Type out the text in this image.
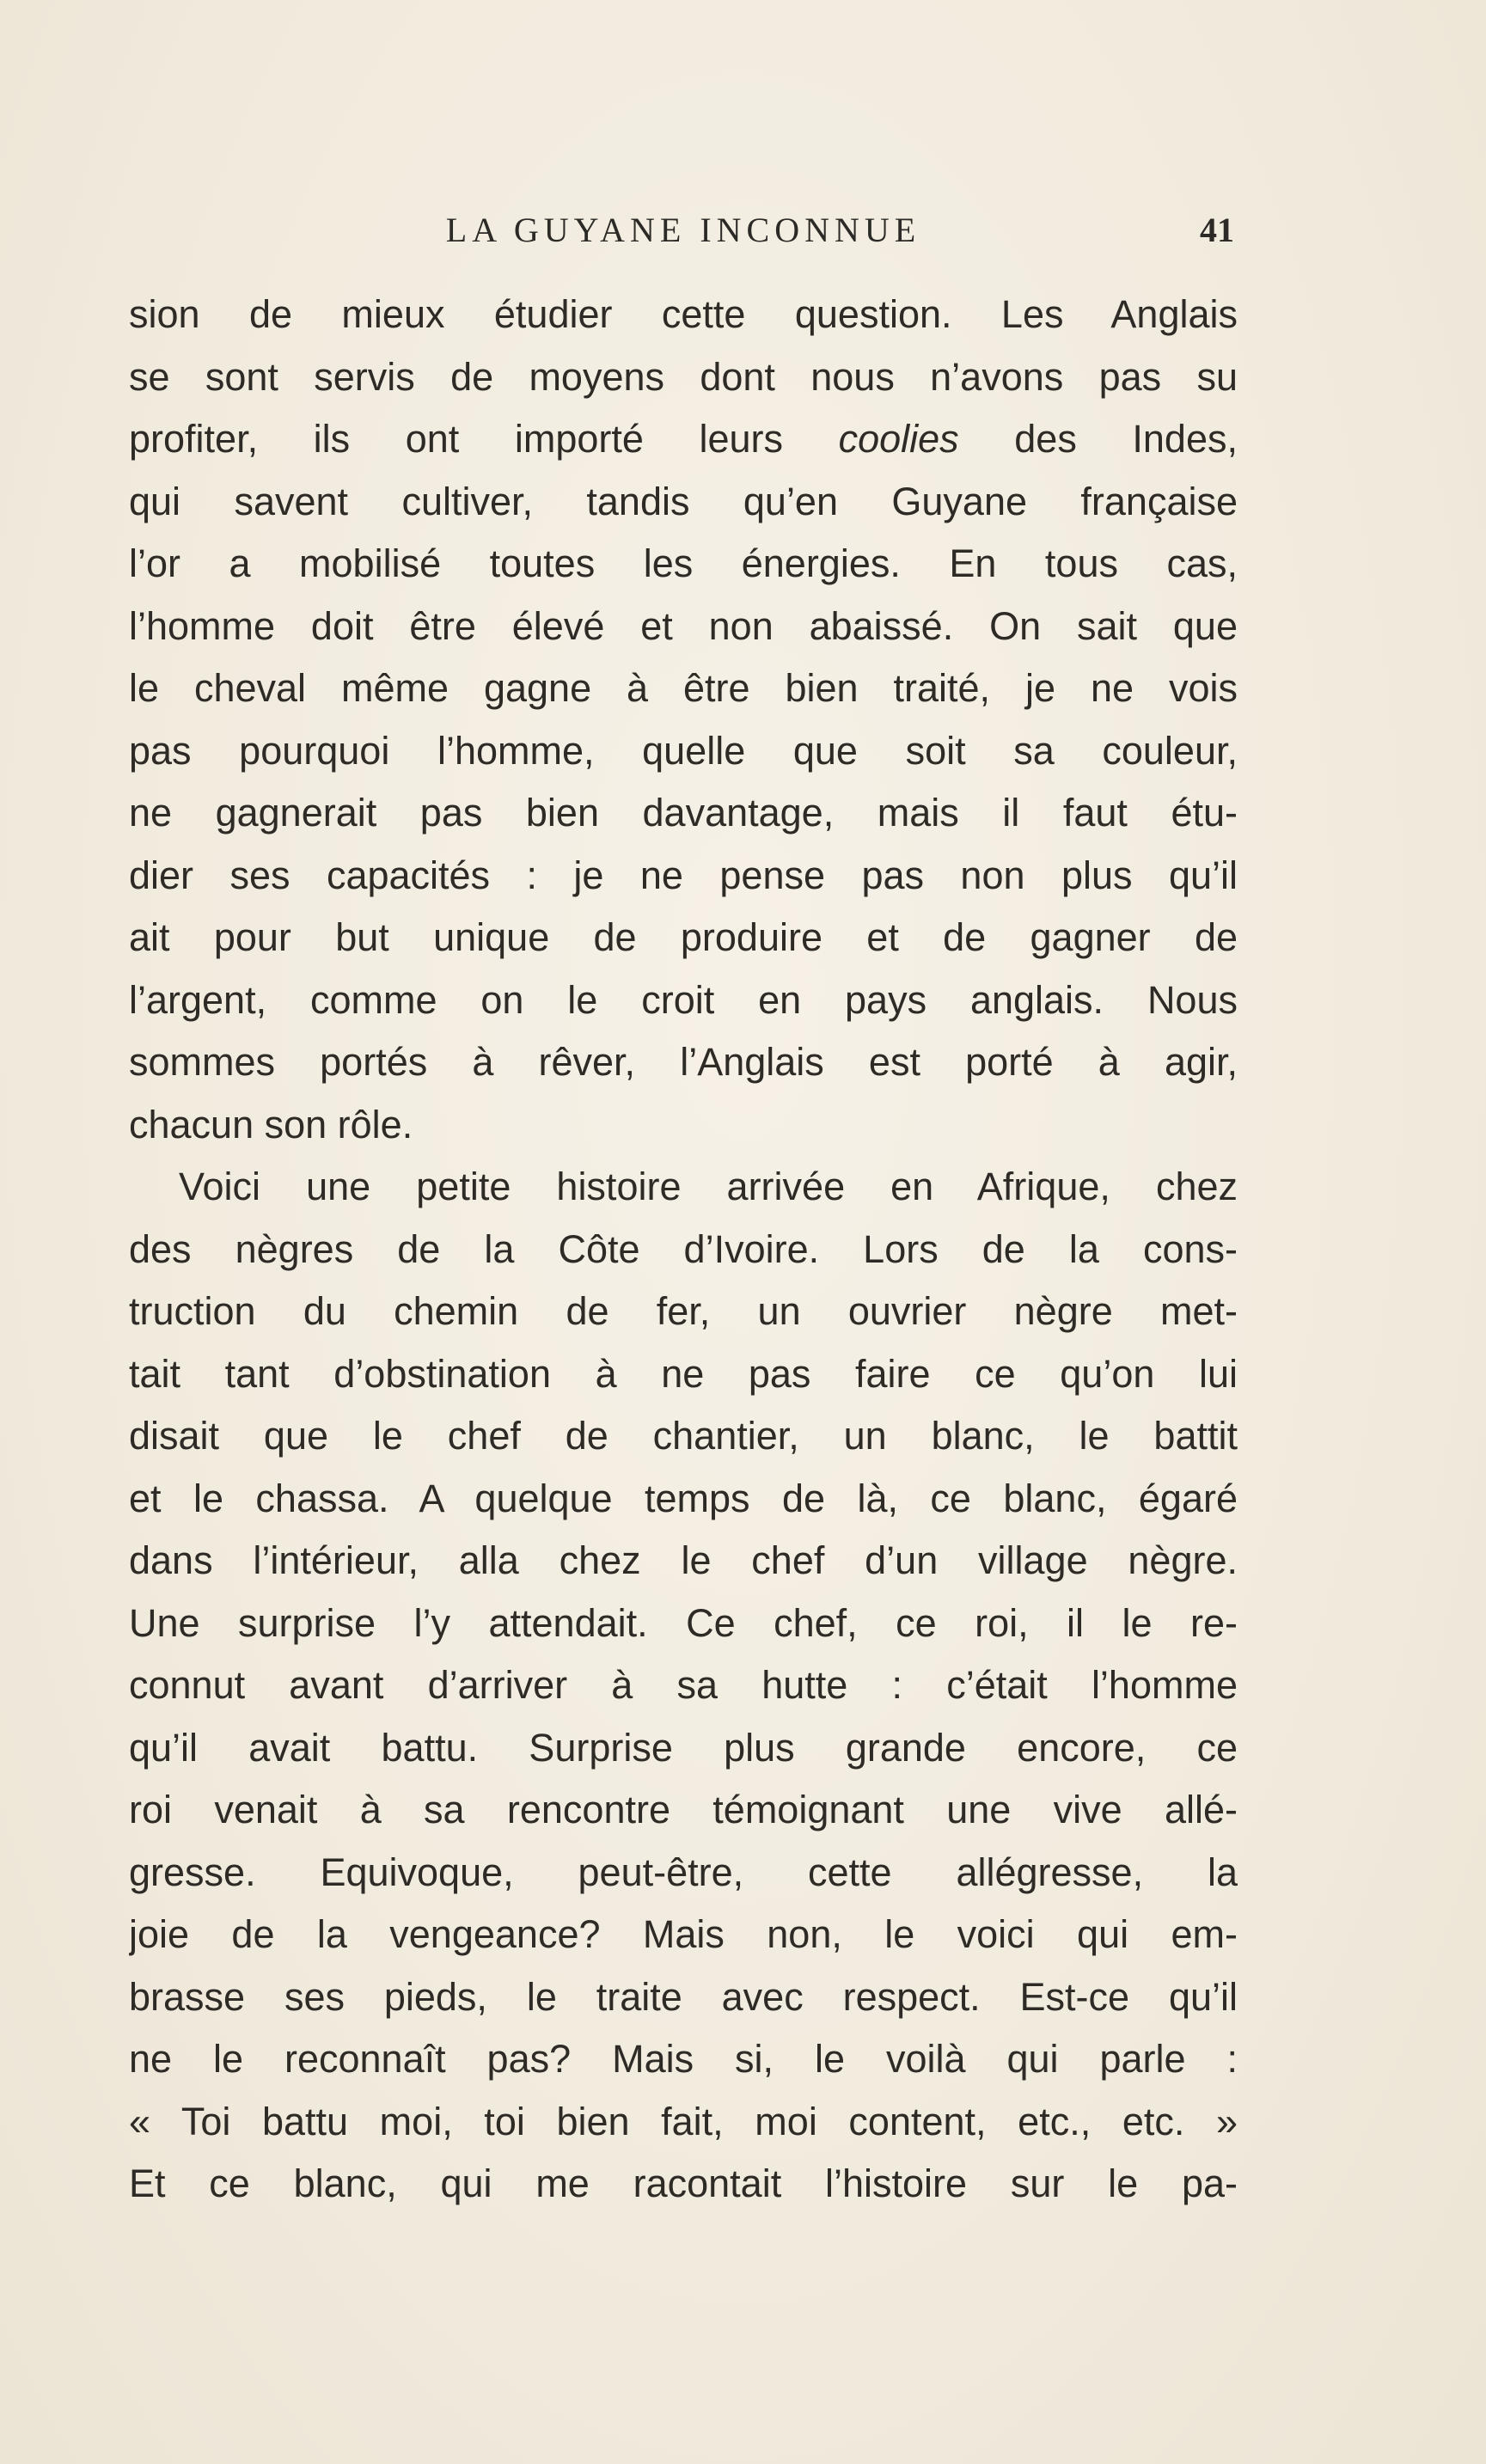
LA GUYANE INCONNUE	41
sion de mieux étudier cette question. Les Anglais
se sont servis de moyens dont nous n’avons pas su
profiter, ils ont importé leurs coolies des Indes,
qui savent cultiver, tandis qu’en Guyane française
l’or a mobilisé toutes les énergies. En tous cas,
l’homme doit être élevé et non abaissé. On sait que
le cheval même gagne à être bien traité, je ne vois
pas pourquoi l’homme, quelle que soit sa couleur,
ne gagnerait pas bien davantage, mais il faut étu-
dier ses capacités : je ne pense pas non plus qu’il
ait pour but unique de produire et de gagner de
l’argent, comme on le croit en pays anglais. Nous
sommes portés à rêver, l’Anglais est porté à agir,
chacun son rôle.
Voici une petite histoire arrivée en Afrique, chez
des nègres de la Côte d’Ivoire. Lors de la cons-
truction du chemin de fer, un ouvrier nègre met-
tait tant d’obstination à ne pas faire ce qu’on lui
disait que le chef de chantier, un blanc, le battit
et le chassa. A quelque temps de là, ce blanc, égaré
dans l’intérieur, alla chez le chef d’un village nègre.
Une surprise l’y attendait. Ce chef, ce roi, il le re-
connut avant d’arriver à sa hutte : c’était l’homme
qu’il avait battu. Surprise plus grande encore, ce
roi venait à sa rencontre témoignant une vive allé-
gresse. Equivoque, peut-être, cette allégresse, la
joie de la vengeance? Mais non, le voici qui em-
brasse ses pieds, le traite avec respect. Est-ce qu’il
ne le reconnaît pas? Mais si, le voilà qui parle :
« Toi battu moi, toi bien fait, moi content, etc., etc. »
Et ce blanc, qui me racontait l’histoire sur le pa-
